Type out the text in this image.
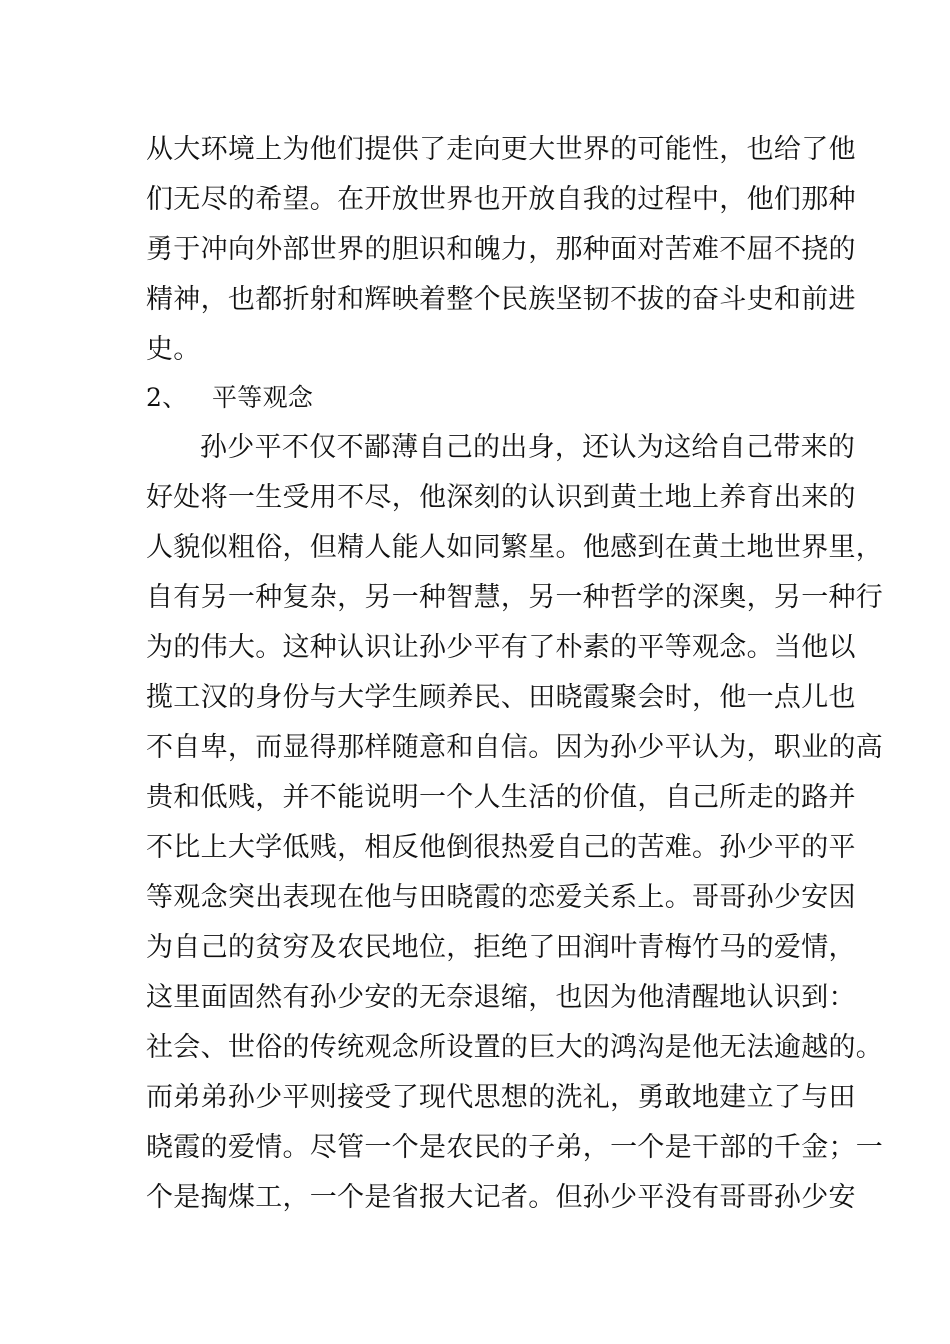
从大环境上为他们提供了走向更大世界的可能性，也给了他
们无尽的希望。在开放世界也开放自我的过程中，他们那种
勇于冲向外部世界的胆识和魄力，那种面对苦难不屈不挠的
精神，也都折射和辉映着整个民族坚韧不拔的奋斗史和前进
史。
2、 平等观念
孙少平不仅不鄙薄自己的出身，还认为这给自己带来的
好处将一生受用不尽，他深刻的认识到黄土地上养育出来的
人貌似粗俗，但精人能人如同繁星。他感到在黄土地世界里，
自有另一种复杂，另一种智慧，另一种哲学的深奥，另一种行
为的伟大。这种认识让孙少平有了朴素的平等观念。当他以
揽工汉的身份与大学生顾养民、田晓霞聚会时，他一点儿也
不自卑，而显得那样随意和自信。因为孙少平认为，职业的高
贵和低贱，并不能说明一个人生活的价值，自己所走的路并
不比上大学低贱，相反他倒很热爱自己的苦难。孙少平的平
等观念突出表现在他与田晓霞的恋爱关系上。哥哥孙少安因
为自己的贫穷及农民地位，拒绝了田润叶青梅竹马的爱情，
这里面固然有孙少安的无奈退缩，也因为他清醒地认识到：
社会、世俗的传统观念所设置的巨大的鸿沟是他无法逾越的。
而弟弟孙少平则接受了现代思想的洗礼，勇敢地建立了与田
晓霞的爱情。尽管一个是农民的子弟，一个是干部的千金；一
个是掏煤工，一个是省报大记者。但孙少平没有哥哥孙少安
